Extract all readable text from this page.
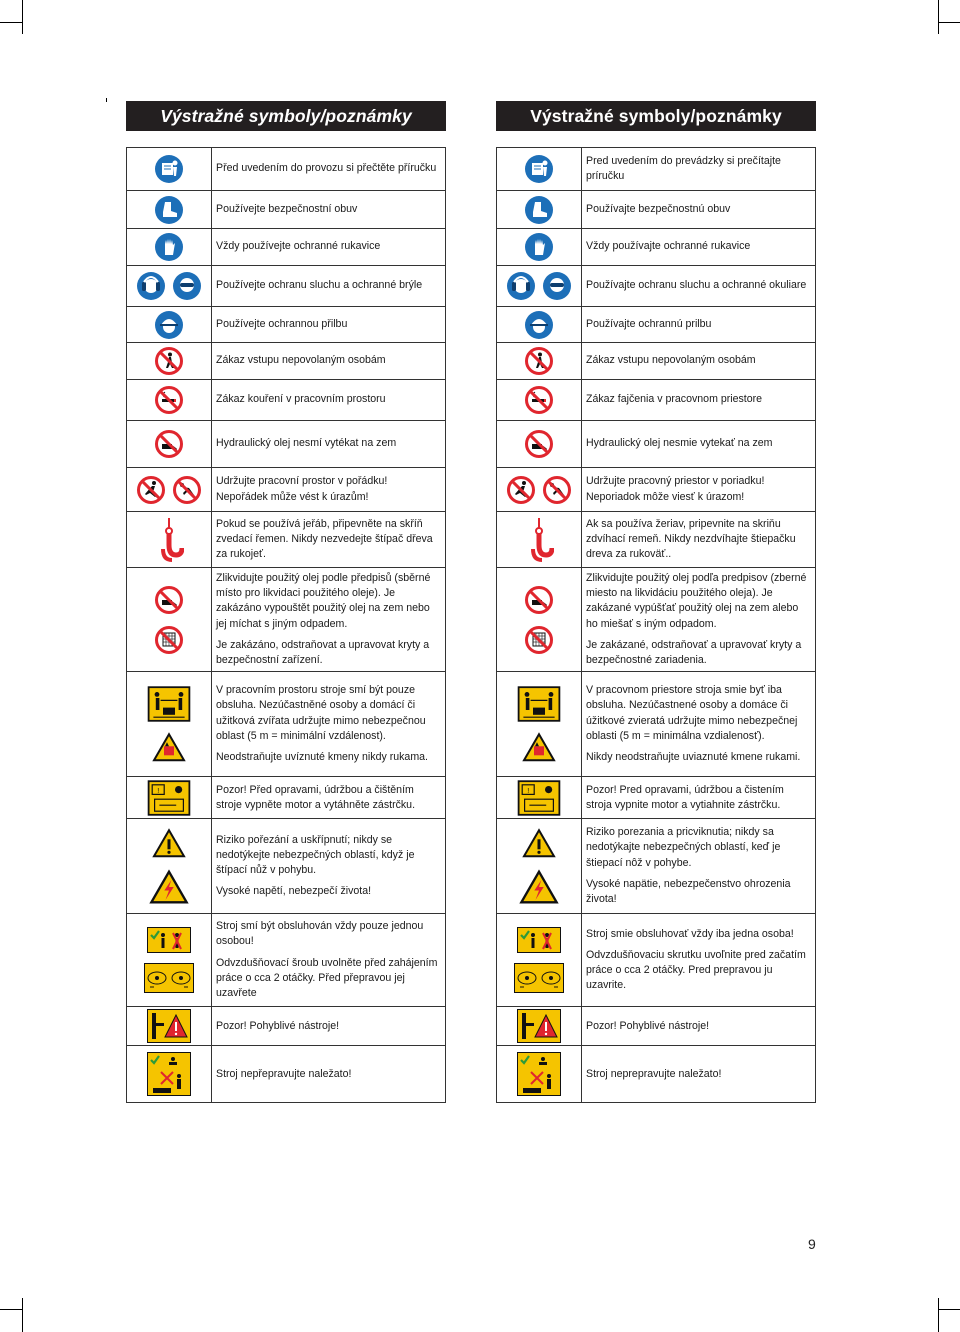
Výstražné symboly/poznámky

Před uvedením do provozu si přečtěte příručku

Používejte bezpečnostní obuv

Vždy používejte ochranné rukavice

Používejte ochranu sluchu a ochranné brýle

Používejte ochrannou přilbu

Zákaz vstupu nepovolaným osobám

Zákaz kouření v pracovním prostoru

Hydraulický olej nesmí vytékat na zem

Udržujte pracovní prostor v pořádku! Nepořádek může vést k úrazům!

Pokud se používá jeřáb, připevněte na skříň zvedací řemen. Nikdy nezvedejte štípač dřeva za rukojeť.

Zlikvidujte použitý olej podle předpisů (sběrné místo pro likvidaci použitého oleje). Je zakázáno vypouštět použitý olej na zem nebo jej míchat s jiným odpadem.

Je zakázáno, odstraňovat a upravovat kryty a bezpečnostní zařízení.

V pracovním prostoru stroje smí být pouze obsluha. Nezúčastněné osoby a domácí či užitková zvířata udržujte mimo nebezpečnou oblast (5 m = minimální vzdálenost).

Neodstraňujte uvíznuté kmeny nikdy rukama.

!	Pozor! Před opravami, údržbou a čištěním stroje vypněte motor a vytáhněte zástrčku.

Riziko pořezání a uskřípnutí; nikdy se nedotýkejte nebezpečných oblastí, když je štípací nůž v pohybu.

Vysoké napětí, nebezpečí života!

Stroj smí být obsluhován vždy pouze jednou osobou!

Odvzdušňovací šroub uvolněte před zahájením práce o cca 2 otáčky. Před přepravou jej uzavřete

Pozor! Pohyblivé nástroje!

Stroj nepřepravujte naležato!

Výstražné symboly/poznámky

Pred uvedením do prevádzky si prečítajte príručku

Používajte bezpečnostnú obuv

Vždy používajte ochranné rukavice

Používajte ochranu sluchu a ochranné okuliare

Používajte ochrannú prilbu

Zákaz vstupu nepovolaným osobám

Zákaz fajčenia v pracovnom priestore

Hydraulický olej nesmie vytekať na zem

Udržujte pracovný priestor v poriadku! Neporiadok môže viesť k úrazom!

Ak sa používa žeriav, pripevnite na skriňu zdvíhací remeň. Nikdy nezdvíhajte štiepačku dreva za rukoväť..

Zlikvidujte použitý olej podľa predpisov (zberné miesto na likvidáciu použitého oleja). Je zakázané vypúšťať použitý olej na zem alebo ho miešať s iným odpadom.

Je zakázané, odstraňovať a upravovať kryty a bezpečnostné zariadenia.

V pracovnom priestore stroja smie byť iba obsluha. Nezúčastnené osoby a domáce či úžitkové zvieratá udržujte mimo nebezpečnej oblasti (5 m = minimálna vzdialenosť).

Nikdy neodstraňujte uviaznuté kmene rukami.

!	Pozor! Pred opravami, údržbou a čistením stroja vypnite motor a vytiahnite zástrčku.

Riziko porezania a pricviknutia; nikdy sa nedotýkajte nebezpečných oblastí, keď je štiepací nôž v pohybe.

Vysoké napätie, nebezpečenstvo ohrozenia života!

Stroj smie obsluhovať vždy iba jedna osoba!

Odvzdušňovaciu skrutku uvoľnite pred začatím práce o cca 2 otáčky. Pred prepravou ju uzavrite.

Pozor! Pohyblivé nástroje!

Stroj neprepravujte naležato!

9
